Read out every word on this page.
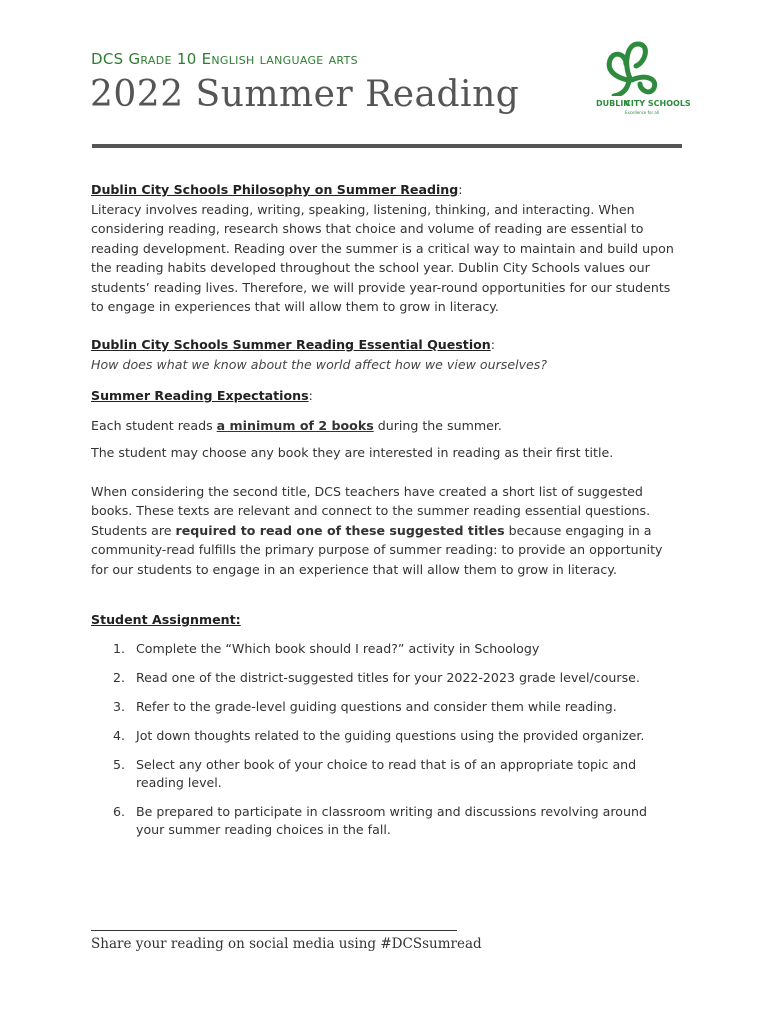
DCS Grade 10 English language arts
2022 Summer Reading	DUBLIN
CITY SCHOOLS
Excellence for all
Dublin City Schools Philosophy on Summer Reading:
Literacy involves reading, writing, speaking, listening, thinking, and interacting. When
considering reading, research shows that choice and volume of reading are essential to
reading development. Reading over the summer is a critical way to maintain and build upon
the reading habits developed throughout the school year. Dublin City Schools values our
students’ reading lives. Therefore, we will provide year-round opportunities for our students
to engage in experiences that will allow them to grow in literacy.
Dublin City Schools Summer Reading Essential Question:
How does what we know about the world affect how we view ourselves?
Summer Reading Expectations:
Each student reads a minimum of 2 books during the summer.
The student may choose any book they are interested in reading as their first title.
When considering the second title, DCS teachers have created a short list of suggested
books. These texts are relevant and connect to the summer reading essential questions.
Students are required to read one of these suggested titles because engaging in a
community-read fulfills the primary purpose of summer reading: to provide an opportunity
for our students to engage in an experience that will allow them to grow in literacy.
Student Assignment:
1. Complete the “Which book should I read?” activity in Schoology
2. Read one of the district-suggested titles for your 2022-2023 grade level/course.
3. Refer to the grade-level guiding questions and consider them while reading.
4. Jot down thoughts related to the guiding questions using the provided organizer.
5. Select any other book of your choice to read that is of an appropriate topic and reading level.
6. Be prepared to participate in classroom writing and discussions revolving around your summer reading choices in the fall.
Share your reading on social media using #DCSsumread
